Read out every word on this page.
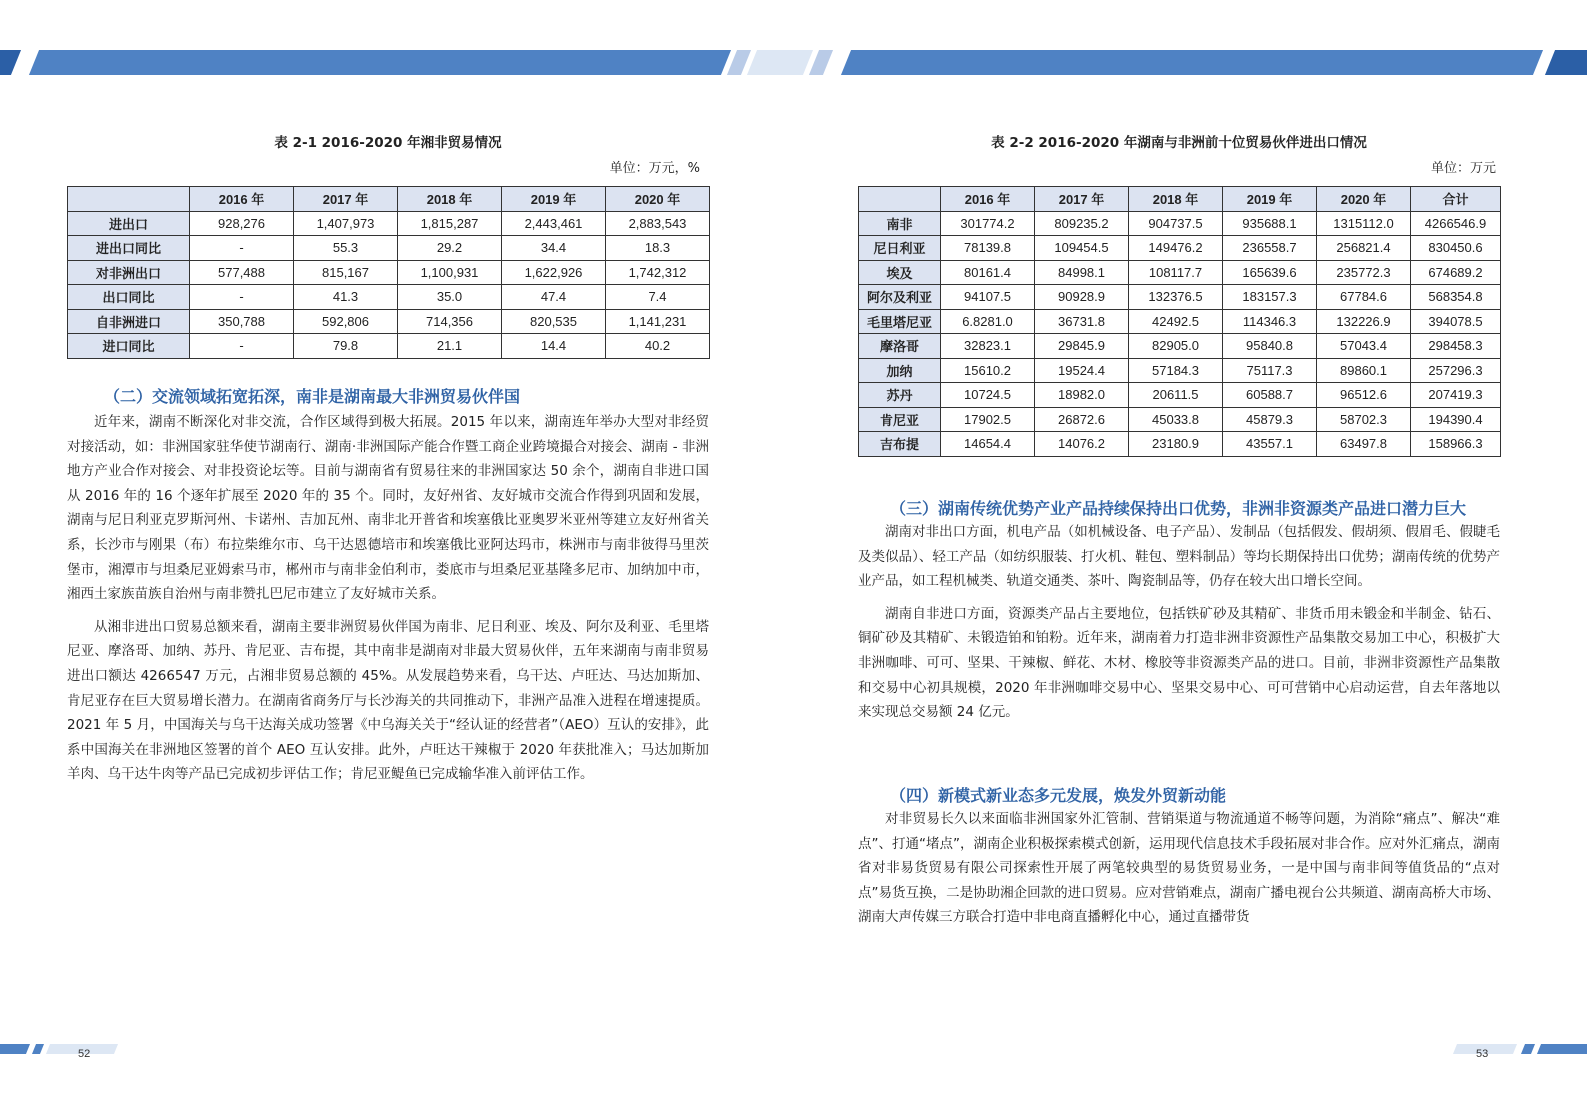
52	53
表 2-1 2016-2020 年湘非贸易情况
单位：万元，%
	2016 年	2017 年	2018 年	2019 年	2020 年
进出口	928,276	1,407,973	1,815,287	2,443,461	2,883,543
进出口同比	-	55.3	29.2	34.4	18.3
对非洲出口	577,488	815,167	1,100,931	1,622,926	1,742,312
出口同比	-	41.3	35.0	47.4	7.4
自非洲进口	350,788	592,806	714,356	820,535	1,141,231
进口同比	-	79.8	21.1	14.4	40.2
（二）交流领域拓宽拓深，南非是湖南最大非洲贸易伙伴国

近年来，湖南不断深化对非交流，合作区域得到极大拓展。2015 年以来，湖南连年举办大型对非经贸对接活动，如：非洲国家驻华使节湖南行、湖南·非洲国际产能合作暨工商企业跨境撮合对接会、湖南 - 非洲地方产业合作对接会、对非投资论坛等。目前与湖南省有贸易往来的非洲国家达 50 余个，湖南自非进口国从 2016 年的 16 个逐年扩展至 2020 年的 35 个。同时，友好州省、友好城市交流合作得到巩固和发展，湖南与尼日利亚克罗斯河州、卡诺州、吉加瓦州、南非北开普省和埃塞俄比亚奥罗米亚州等建立友好州省关系，长沙市与刚果（布）布拉柴维尔市、乌干达恩德培市和埃塞俄比亚阿达玛市，株洲市与南非彼得马里茨堡市，湘潭市与坦桑尼亚姆索马市，郴州市与南非金伯利市，娄底市与坦桑尼亚基隆多尼市、加纳加中市，湘西土家族苗族自治州与南非赞扎巴尼市建立了友好城市关系。

从湘非进出口贸易总额来看，湖南主要非洲贸易伙伴国为南非、尼日利亚、埃及、阿尔及利亚、毛里塔尼亚、摩洛哥、加纳、苏丹、肯尼亚、吉布提，其中南非是湖南对非最大贸易伙伴，五年来湖南与南非贸易进出口额达 4266547 万元，占湘非贸易总额的 45%。从发展趋势来看，乌干达、卢旺达、马达加斯加、肯尼亚存在巨大贸易增长潜力。在湖南省商务厅与长沙海关的共同推动下，非洲产品准入进程在增速提质。2021 年 5 月，中国海关与乌干达海关成功签署《中乌海关关于“经认证的经营者”（AEO）互认的安排》，此系中国海关在非洲地区签署的首个 AEO 互认安排。此外，卢旺达干辣椒于 2020 年获批准入；马达加斯加羊肉、乌干达牛肉等产品已完成初步评估工作；肯尼亚鳀鱼已完成输华准入前评估工作。

表 2-2 2016-2020 年湖南与非洲前十位贸易伙伴进出口情况
单位：万元
	2016 年	2017 年	2018 年	2019 年	2020 年	合计
南非	301774.2	809235.2	904737.5	935688.1	1315112.0	4266546.9
尼日利亚	78139.8	109454.5	149476.2	236558.7	256821.4	830450.6
埃及	80161.4	84998.1	108117.7	165639.6	235772.3	674689.2
阿尔及利亚	94107.5	90928.9	132376.5	183157.3	67784.6	568354.8
毛里塔尼亚	6.8281.0	36731.8	42492.5	114346.3	132226.9	394078.5
摩洛哥	32823.1	29845.9	82905.0	95840.8	57043.4	298458.3
加纳	15610.2	19524.4	57184.3	75117.3	89860.1	257296.3
苏丹	10724.5	18982.0	20611.5	60588.7	96512.6	207419.3
肯尼亚	17902.5	26872.6	45033.8	45879.3	58702.3	194390.4
吉布提	14654.4	14076.2	23180.9	43557.1	63497.8	158966.3
（三）湖南传统优势产业产品持续保持出口优势，非洲非资源类产品进口潜力巨大

湖南对非出口方面，机电产品（如机械设备、电子产品）、发制品（包括假发、假胡须、假眉毛、假睫毛及类似品）、轻工产品（如纺织服装、打火机、鞋包、塑料制品）等均长期保持出口优势；湖南传统的优势产业产品，如工程机械类、轨道交通类、茶叶、陶瓷制品等，仍存在较大出口增长空间。

湖南自非进口方面，资源类产品占主要地位，包括铁矿砂及其精矿、非货币用未锻金和半制金、钻石、铜矿砂及其精矿、未锻造铂和铂粉。近年来，湖南着力打造非洲非资源性产品集散交易加工中心，积极扩大非洲咖啡、可可、坚果、干辣椒、鲜花、木材、橡胶等非资源类产品的进口。目前，非洲非资源性产品集散和交易中心初具规模，2020 年非洲咖啡交易中心、坚果交易中心、可可营销中心启动运营，自去年落地以来实现总交易额 24 亿元。

（四）新模式新业态多元发展，焕发外贸新动能

对非贸易长久以来面临非洲国家外汇管制、营销渠道与物流通道不畅等问题，为消除“痛点”、解决“难点”、打通“堵点”，湖南企业积极探索模式创新，运用现代信息技术手段拓展对非合作。应对外汇痛点，湖南省对非易货贸易有限公司探索性开展了两笔较典型的易货贸易业务，一是中国与南非间等值货品的“点对点”易货互换，二是协助湘企回款的进口贸易。应对营销难点，湖南广播电视台公共频道、湖南高桥大市场、湖南大声传媒三方联合打造中非电商直播孵化中心，通过直播带货
